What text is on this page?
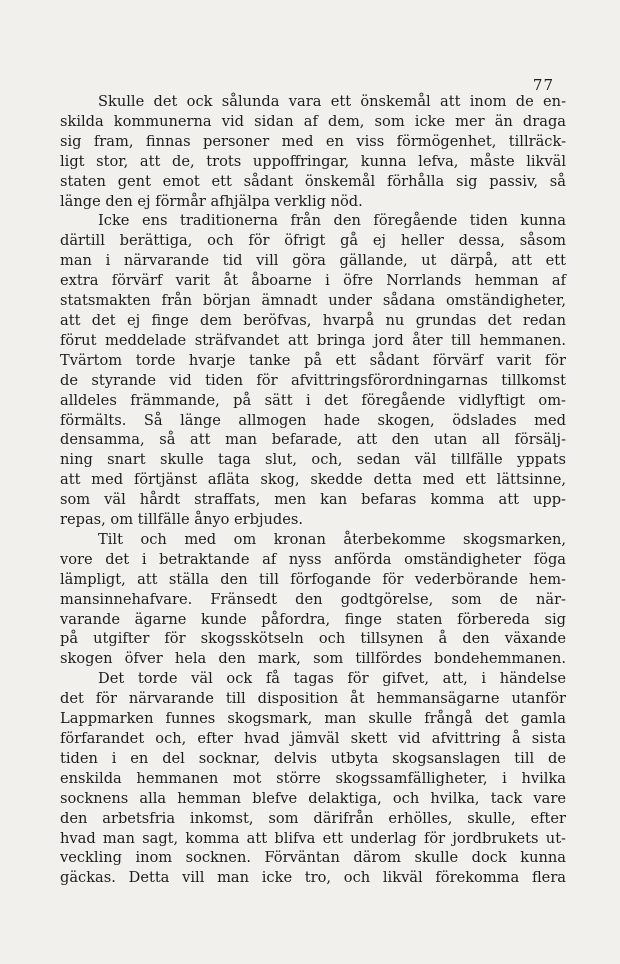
77
Skulle det ock sålunda vara ett önskemål att inom de en-
skilda kommunerna vid sidan af dem, som icke mer än draga
sig fram, finnas personer med en viss förmögenhet, tillräck-
ligt stor, att de, trots uppoffringar, kunna lefva, måste likväl
staten gent emot ett sådant önskemål förhålla sig passiv, så
länge den ej förmår afhjälpa verklig nöd.
Icke ens traditionerna från den föregående tiden kunna
därtill berättiga, och för öfrigt gå ej heller dessa, såsom
man i närvarande tid vill göra gällande, ut därpå, att ett
extra förvärf varit åt åboarne i öfre Norrlands hemman af
statsmakten från början ämnadt under sådana omständigheter,
att det ej finge dem beröfvas, hvarpå nu grundas det redan
förut meddelade sträfvandet att bringa jord åter till hemmanen.
Tvärtom torde hvarje tanke på ett sådant förvärf varit för
de styrande vid tiden för afvittringsförordningarnas tillkomst
alldeles främmande, på sätt i det föregående vidlyftigt om-
förmälts. Så länge allmogen hade skogen, ödslades med
densamma, så att man befarade, att den utan all försälj-
ning snart skulle taga slut, och, sedan väl tillfälle yppats
att med förtjänst afläta skog, skedde detta med ett lättsinne,
som väl hårdt straffats, men kan befaras komma att upp-
repas, om tillfälle ånyo erbjudes.
Tilt och med om kronan återbekomme skogsmarken,
vore det i betraktande af nyss anförda omständigheter föga
lämpligt, att ställa den till förfogande för vederbörande hem-
mansinnehafvare. Fränsedt den godtgörelse, som de när-
varande ägarne kunde påfordra, finge staten förbereda sig
på utgifter för skogsskötseln och tillsynen å den växande
skogen öfver hela den mark, som tillfördes bondehemmanen.
Det torde väl ock få tagas för gifvet, att, i händelse
det för närvarande till disposition åt hemmansägarne utanför
Lappmarken funnes skogsmark, man skulle frångå det gamla
förfarandet och, efter hvad jämväl skett vid afvittring å sista
tiden i en del socknar, delvis utbyta skogsanslagen till de
enskilda hemmanen mot större skogssamfälligheter, i hvilka
socknens alla hemman blefve delaktiga, och hvilka, tack vare
den arbetsfria inkomst, som därifrån erhölles, skulle, efter
hvad man sagt, komma att blifva ett underlag för jordbrukets ut-
veckling inom socknen. Förväntan därom skulle dock kunna
gäckas. Detta vill man icke tro, och likväl förekomma flera
